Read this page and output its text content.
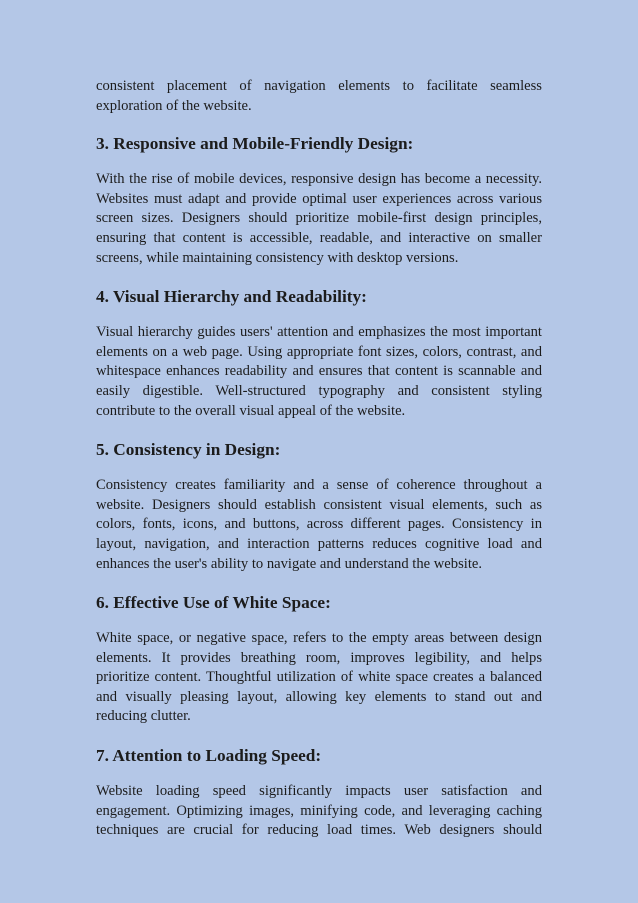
consistent placement of navigation elements to facilitate seamless exploration of the website.

3. Responsive and Mobile-Friendly Design:

With the rise of mobile devices, responsive design has become a necessity. Websites must adapt and provide optimal user experiences across various screen sizes. Designers should prioritize mobile-first design principles, ensuring that content is accessible, readable, and interactive on smaller screens, while maintaining consistency with desktop versions.

4. Visual Hierarchy and Readability:

Visual hierarchy guides users' attention and emphasizes the most important elements on a web page. Using appropriate font sizes, colors, contrast, and whitespace enhances readability and ensures that content is scannable and easily digestible. Well-structured typography and consistent styling contribute to the overall visual appeal of the website.

5. Consistency in Design:

Consistency creates familiarity and a sense of coherence throughout a website. Designers should establish consistent visual elements, such as colors, fonts, icons, and buttons, across different pages. Consistency in layout, navigation, and interaction patterns reduces cognitive load and enhances the user's ability to navigate and understand the website.

6. Effective Use of White Space:

White space, or negative space, refers to the empty areas between design elements. It provides breathing room, improves legibility, and helps prioritize content. Thoughtful utilization of white space creates a balanced and visually pleasing layout, allowing key elements to stand out and reducing clutter.

7. Attention to Loading Speed:

Website loading speed significantly impacts user satisfaction and engagement. Optimizing images, minifying code, and leveraging caching techniques are crucial for reducing load times. Web designers should
